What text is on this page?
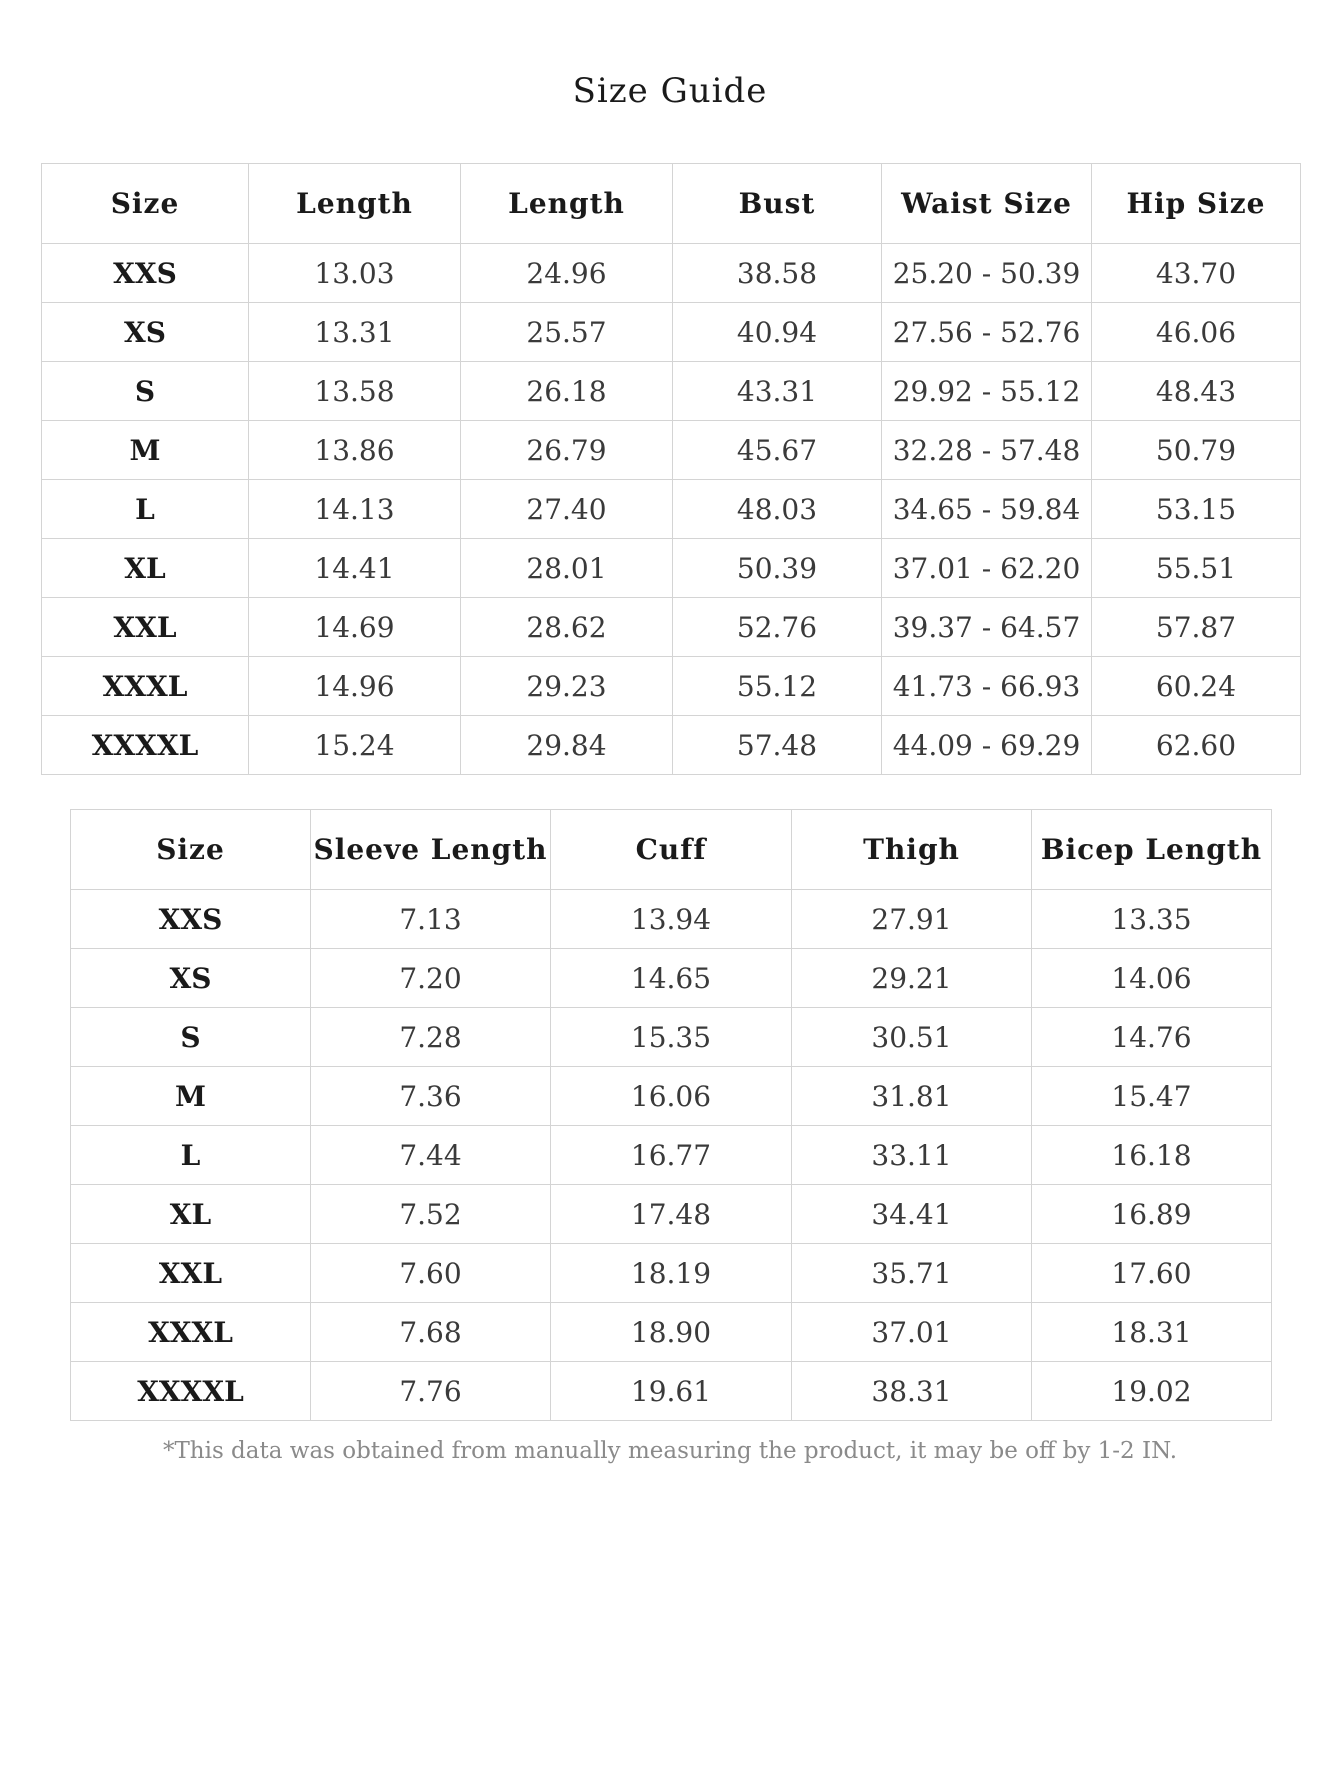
Size Guide
Size	Length	Length	Bust	Waist Size	Hip Size
XXS	13.03	24.96	38.58	25.20 - 50.39	43.70
XS	13.31	25.57	40.94	27.56 - 52.76	46.06
S	13.58	26.18	43.31	29.92 - 55.12	48.43
M	13.86	26.79	45.67	32.28 - 57.48	50.79
L	14.13	27.40	48.03	34.65 - 59.84	53.15
XL	14.41	28.01	50.39	37.01 - 62.20	55.51
XXL	14.69	28.62	52.76	39.37 - 64.57	57.87
XXXL	14.96	29.23	55.12	41.73 - 66.93	60.24
XXXXL	15.24	29.84	57.48	44.09 - 69.29	62.60
Size	Sleeve Length	Cuff	Thigh	Bicep Length
XXS	7.13	13.94	27.91	13.35
XS	7.20	14.65	29.21	14.06
S	7.28	15.35	30.51	14.76
M	7.36	16.06	31.81	15.47
L	7.44	16.77	33.11	16.18
XL	7.52	17.48	34.41	16.89
XXL	7.60	18.19	35.71	17.60
XXXL	7.68	18.90	37.01	18.31
XXXXL	7.76	19.61	38.31	19.02
*This data was obtained from manually measuring the product, it may be off by 1-2 IN.
